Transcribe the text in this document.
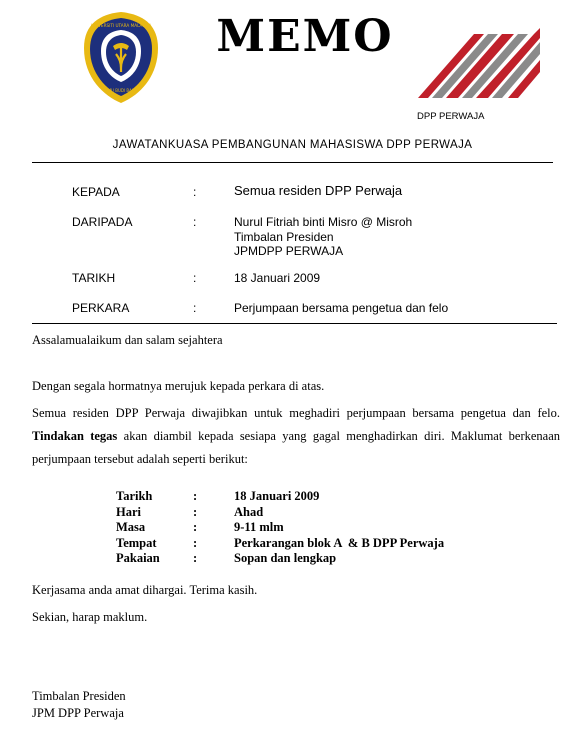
UNIVERSITI UTARA MALAYSIA
ILMU BUDI BAKTI
MEMO
DPP PERWAJA
JAWATANKUASA PEMBANGUNAN MAHASISWA DPP PERWAJA
KEPADA	:	Semua residen DPP Perwaja
DARIPADA	:	Nurul Fitriah binti Misro @ Misroh
Timbalan Presiden
JPMDPP PERWAJA
TARIKH	:	18 Januari 2009
PERKARA	:	Perjumpaan bersama pengetua dan felo
Assalamualaikum dan salam sejahtera
Dengan segala hormatnya merujuk kepada perkara di atas.
Semua residen DPP Perwaja diwajibkan untuk meghadiri perjumpaan bersama pengetua dan felo. Tindakan tegas akan diambil kepada sesiapa yang gagal menghadirkan diri. Maklumat berkenaan perjumpaan tersebut adalah seperti berikut:
Tarikh	:	18 Januari 2009
Hari	:	Ahad
Masa	:	9-11 mlm
Tempat	:	Perkarangan blok A  & B DPP Perwaja
Pakaian	:	Sopan dan lengkap
Kerjasama anda amat dihargai. Terima kasih.
Sekian, harap maklum.
Timbalan Presiden
JPM DPP Perwaja
